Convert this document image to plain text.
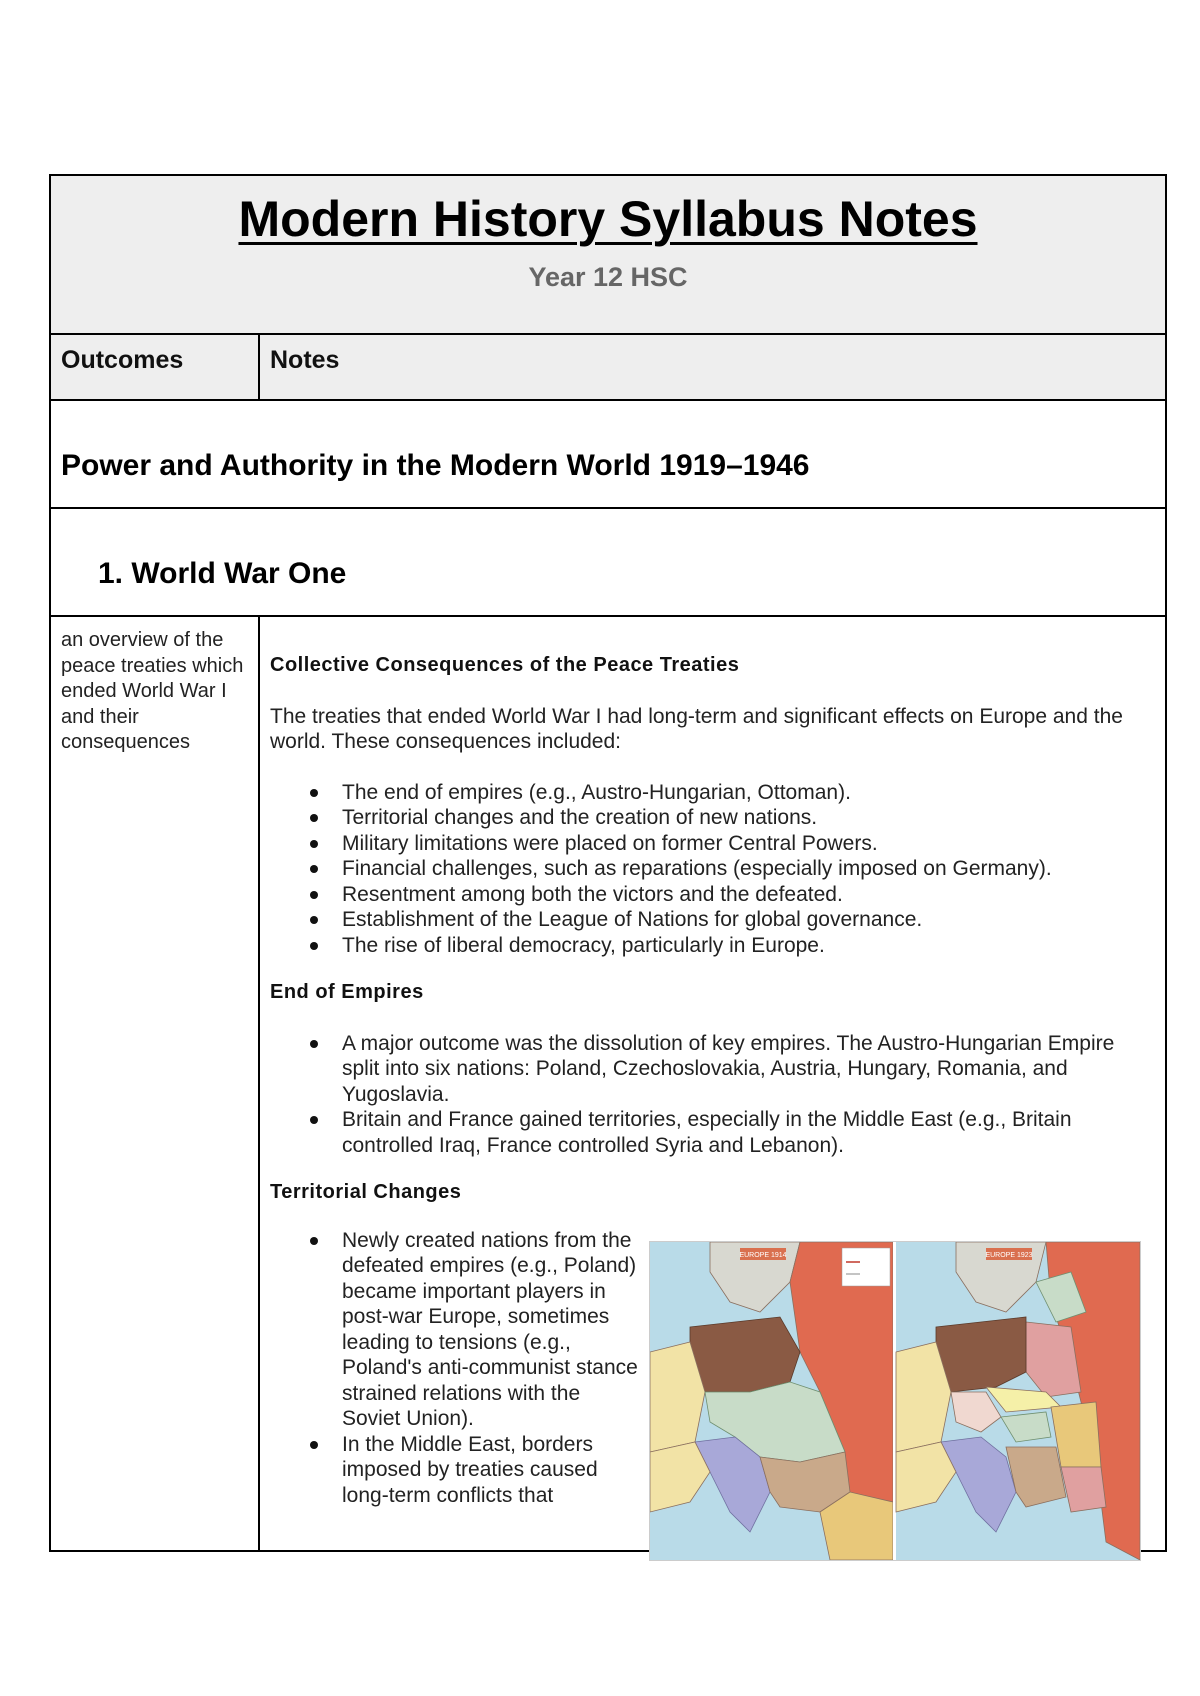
Modern History Syllabus Notes
Year 12 HSC
Outcomes	Notes
Power and Authority in the Modern World 1919–1946
1. World War One
an overview of the peace treaties which ended World War I and their consequences
Collective Consequences of the Peace Treaties

The treaties that ended World War I had long-term and significant effects on Europe and the world. These consequences included:

The end of empires (e.g., Austro-Hungarian, Ottoman).
Territorial changes and the creation of new nations.
Military limitations were placed on former Central Powers.
Financial challenges, such as reparations (especially imposed on Germany).
Resentment among both the victors and the defeated.
Establishment of the League of Nations for global governance.
The rise of liberal democracy, particularly in Europe.
End of Empires
A major outcome was the dissolution of key empires. The Austro-Hungarian Empire split into six nations: Poland, Czechoslovakia, Austria, Hungary, Romania, and Yugoslavia.
Britain and France gained territories, especially in the Middle East (e.g., Britain controlled Iraq, France controlled Syria and Lebanon).
Territorial Changes
Newly created nations from the defeated empires (e.g., Poland) became important players in post-war Europe, sometimes leading to tensions (e.g., Poland's anti-communist stance strained relations with the Soviet Union).
In the Middle East, borders imposed by treaties caused long-term conflicts that
EUROPE 1914	EUROPE 1923
